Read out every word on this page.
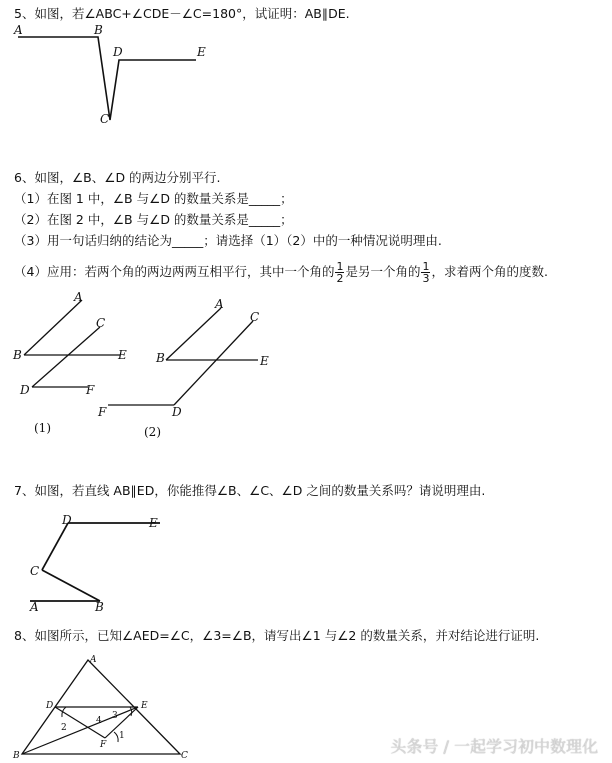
5、如图，若∠ABC+∠CDE－∠C=180°，试证明：AB∥DE.
A	B
D	E
C
6、如图，∠B、∠D 的两边分别平行.
（1）在图 1 中，∠B 与∠D 的数量关系是_____；
（2）在图 2 中，∠B 与∠D 的数量关系是_____；
（3）用一句话归纳的结论为_____；请选择（1）（2）中的一种情况说明理由.
（4）应用：若两个角的两边两两互相平行，其中一个角的 $\frac{1}{2}$ 是另一个角的 $\frac{1}{3}$ ，求着两个角的度数.
A
C
B	E
D	F
(1)
A
C
B	E
F	D
(2)
7、如图，若直线 AB∥ED，你能推得∠B、∠C、∠D 之间的数量关系吗？请说明理由.
D	E
C
A	B
8、如图所示，已知∠AED=∠C，∠3=∠B，请写出∠1 与∠2 的数量关系，并对结论进行证明.
A
D	E
B	C
F
2
4 3
1
头条号 / 一起学习初中数理化
